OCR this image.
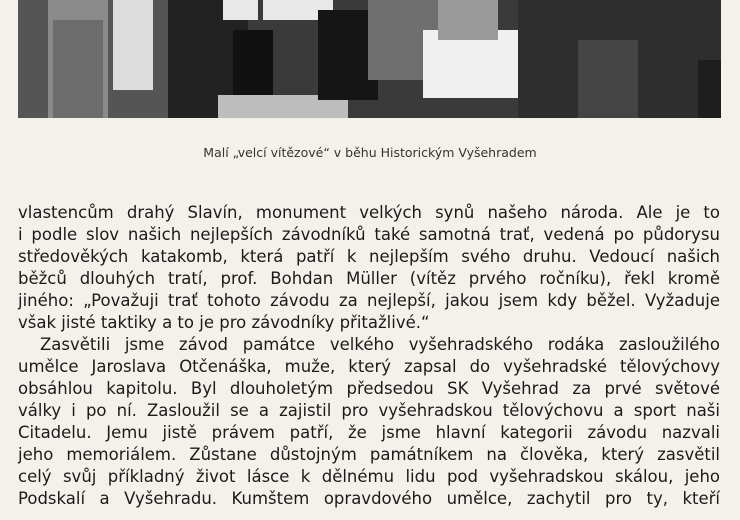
Malí „velcí vítězové“ v běhu Historickým Vyšehradem
vlastencům drahý Slavín, monument velkých synů našeho národa. Ale je to
i podle slov našich nejlepších závodníků také samotná trať, vedená po půdorysu
středověkých katakomb, která patří k nejlepším svého druhu. Vedoucí našich
běžců dlouhých tratí, prof. Bohdan Müller (vítěz prvého ročníku), řekl kromě
jiného: „Považuji trať tohoto závodu za nejlepší, jakou jsem kdy běžel. Vyžaduje
však jisté taktiky a to je pro závodníky přitažlivé.“
Zasvětili jsme závod památce velkého vyšehradského rodáka zasloužilého
umělce Jaroslava Otčenáška, muže, který zapsal do vyšehradské tělovýchovy
obsáhlou kapitolu. Byl dlouholetým předsedou SK Vyšehrad za prvé světové
války i po ní. Zasloužil se a zajistil pro vyšehradskou tělovýchovu a sport naši
Citadelu. Jemu jistě právem patří, že jsme hlavní kategorii závodu nazvali
jeho memoriálem. Zůstane důstojným památníkem na člověka, který zasvětil
celý svůj příkladný život lásce k dělnému lidu pod vyšehradskou skálou, jeho
Podskalí a Vyšehradu. Kumštem opravdového umělce, zachytil pro ty, kteří
